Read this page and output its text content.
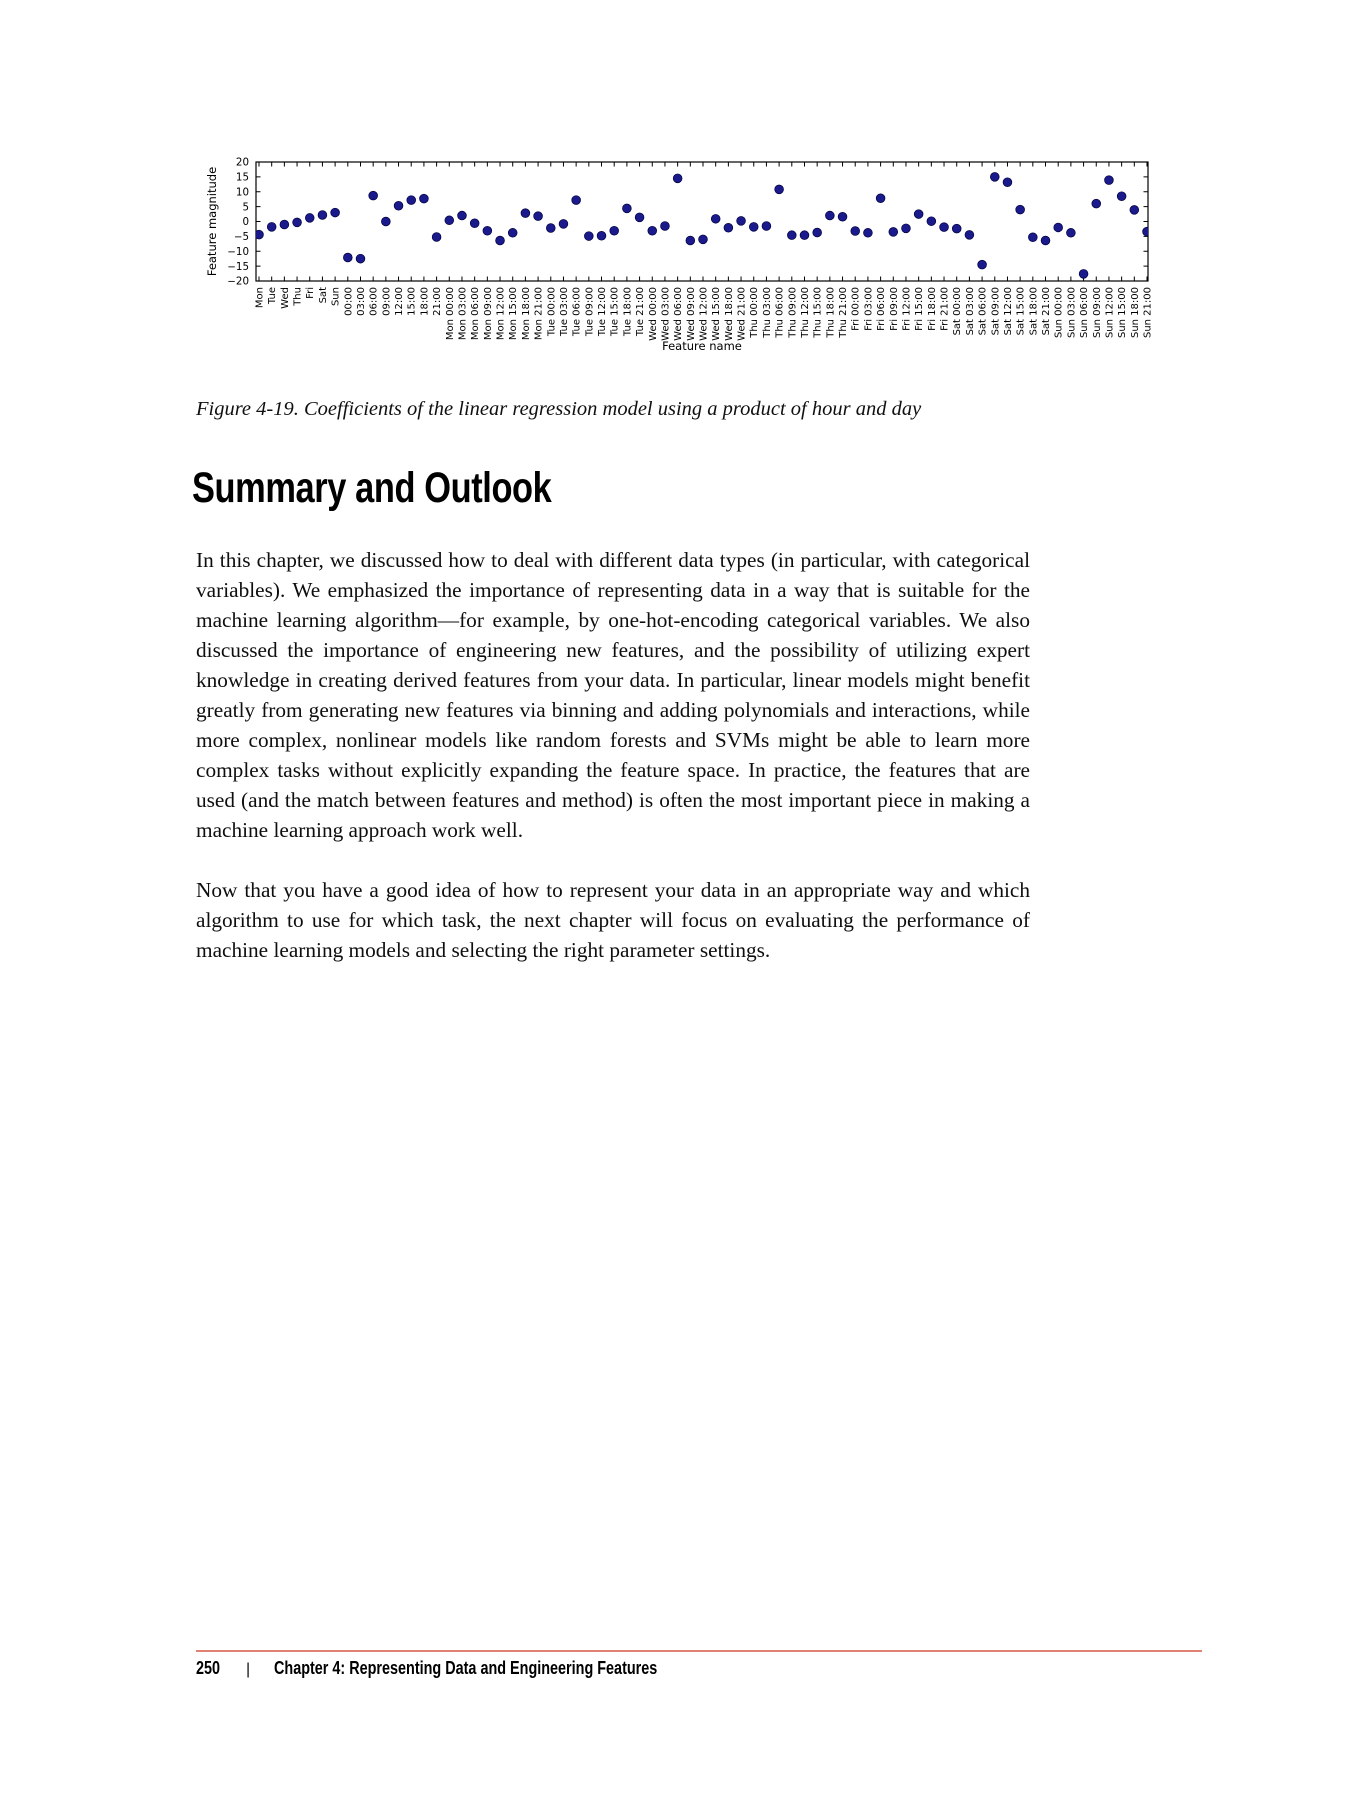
20
15
10
5
0
−5
−10
−15
−20
Mon Tue Wed Thu Fri Sat Sun 00:00 03:00 06:00 09:00 12:00 15:00 18:00 21:00 Mon 00:00 Mon 03:00 Mon 06:00 Mon 09:00 Mon 12:00 Mon 15:00 Mon 18:00 Mon 21:00 Tue 00:00 Tue 03:00 Tue 06:00 Tue 09:00 Tue 12:00 Tue 15:00 Tue 18:00 Tue 21:00 Wed 00:00 Wed 03:00 Wed 06:00 Wed 09:00 Wed 12:00 Wed 15:00 Wed 18:00 Wed 21:00 Thu 00:00 Thu 03:00 Thu 06:00 Thu 09:00 Thu 12:00 Thu 15:00 Thu 18:00 Thu 21:00 Fri 00:00 Fri 03:00 Fri 06:00 Fri 09:00 Fri 12:00 Fri 15:00 Fri 18:00 Fri 21:00 Sat 00:00 Sat 03:00 Sat 06:00 Sat 09:00 Sat 12:00 Sat 15:00 Sat 18:00 Sat 21:00 Sun 00:00 Sun 03:00 Sun 06:00 Sun 09:00 Sun 12:00 Sun 15:00 Sun 18:00 Sun 21:00
Feature magnitude
Feature name
Figure 4-19. Coefficients of the linear regression model using a product of hour and day
Summary and Outlook

In this chapter, we discussed how to deal with different data types (in particular, with categorical variables). We emphasized the importance of representing data in a way that is suitable for the machine learning algorithm—for example, by one-hot-encoding categorical variables. We also discussed the importance of engineering new features, and the possibility of utilizing expert knowledge in creating derived features from your data. In particular, linear models might benefit greatly from generating new features via binning and adding polynomials and interactions, while more complex, nonlinear models like random forests and SVMs might be able to learn more complex tasks without explicitly expanding the feature space. In practice, the features that are used (and the match between features and method) is often the most important piece in making a machine learning approach work well.

Now that you have a good idea of how to represent your data in an appropriate way and which algorithm to use for which task, the next chapter will focus on evaluating the performance of machine learning models and selecting the right parameter settings.

250 | Chapter 4: Representing Data and Engineering Features
